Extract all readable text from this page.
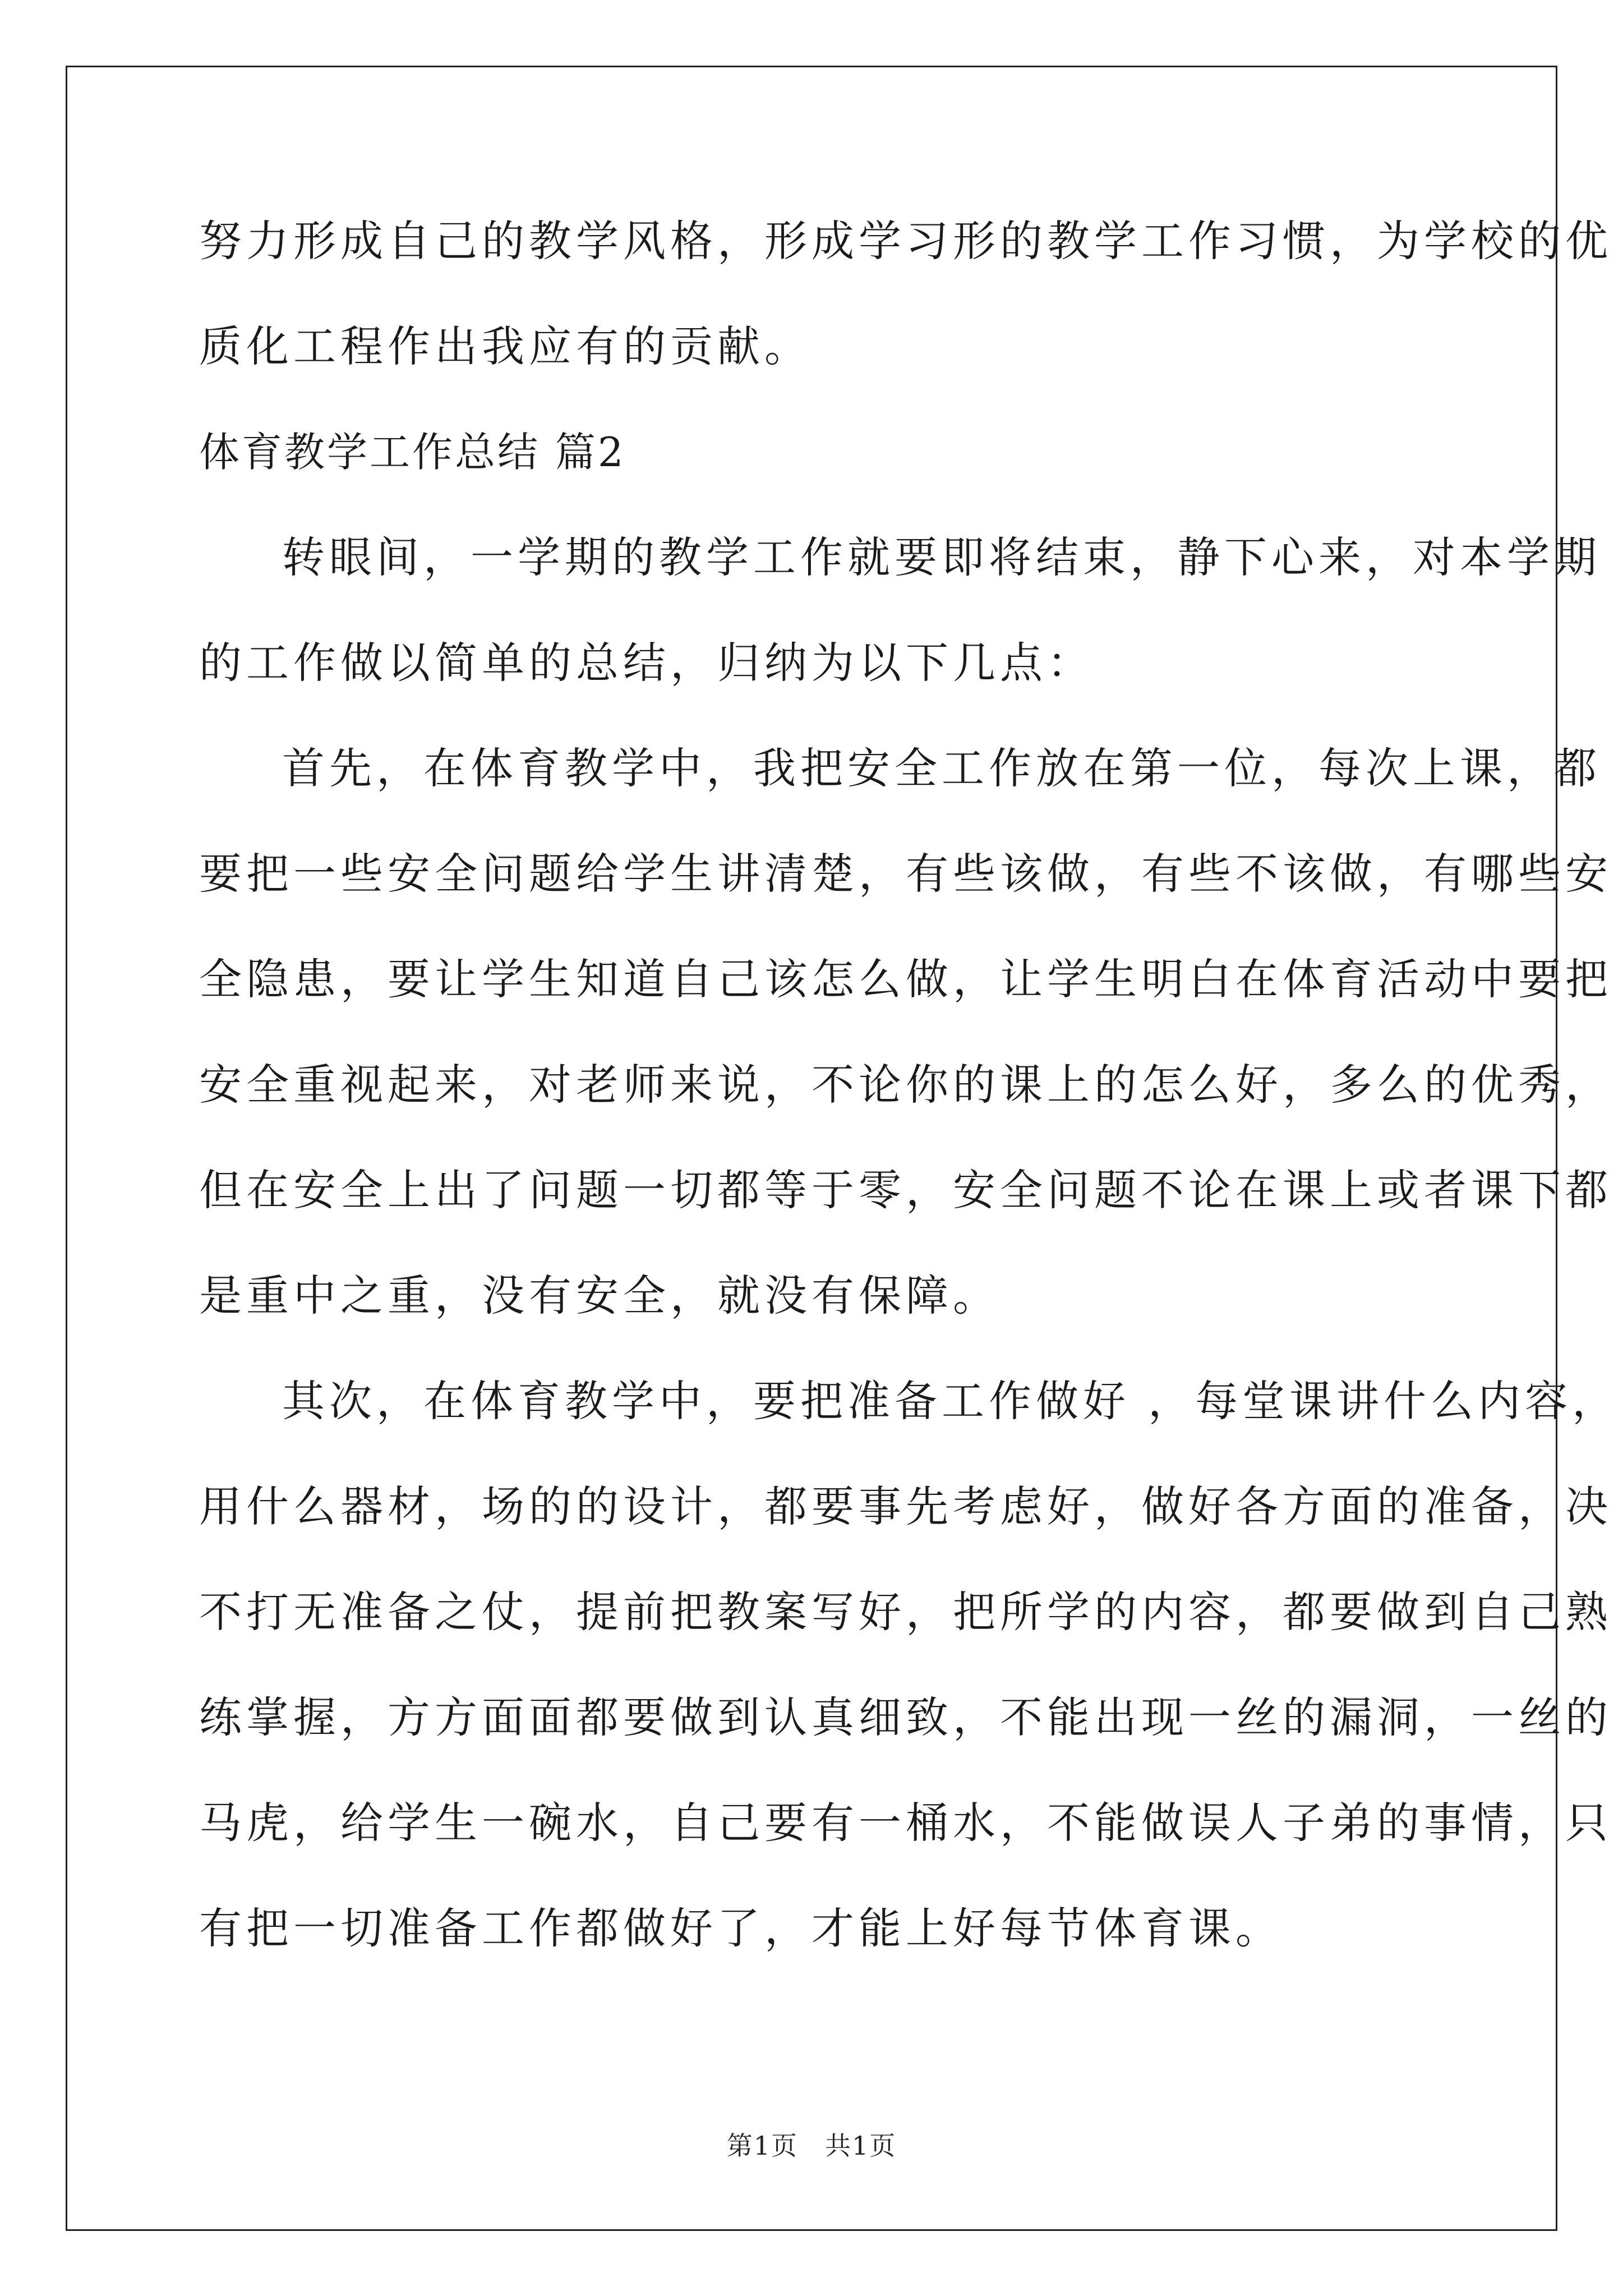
努力形成自己的教学风格，形成学习形的教学工作习惯，为学校的优

质化工程作出我应有的贡献。

体育教学工作总结 篇2

转眼间，一学期的教学工作就要即将结束，静下心来，对本学期

的工作做以简单的总结，归纳为以下几点：

首先，在体育教学中，我把安全工作放在第一位，每次上课，都

要把一些安全问题给学生讲清楚，有些该做，有些不该做，有哪些安

全隐患，要让学生知道自己该怎么做，让学生明白在体育活动中要把

安全重视起来，对老师来说，不论你的课上的怎么好，多么的优秀，

但在安全上出了问题一切都等于零，安全问题不论在课上或者课下都

是重中之重，没有安全，就没有保障。

其次，在体育教学中，要把准备工作做好 ，每堂课讲什么内容，

用什么器材，场的的设计，都要事先考虑好，做好各方面的准备，决

不打无准备之仗，提前把教案写好，把所学的内容，都要做到自己熟

练掌握，方方面面都要做到认真细致，不能出现一丝的漏洞，一丝的

马虎，给学生一碗水，自己要有一桶水，不能做误人子弟的事情，只

有把一切准备工作都做好了，才能上好每节体育课。

第1页　共1页
